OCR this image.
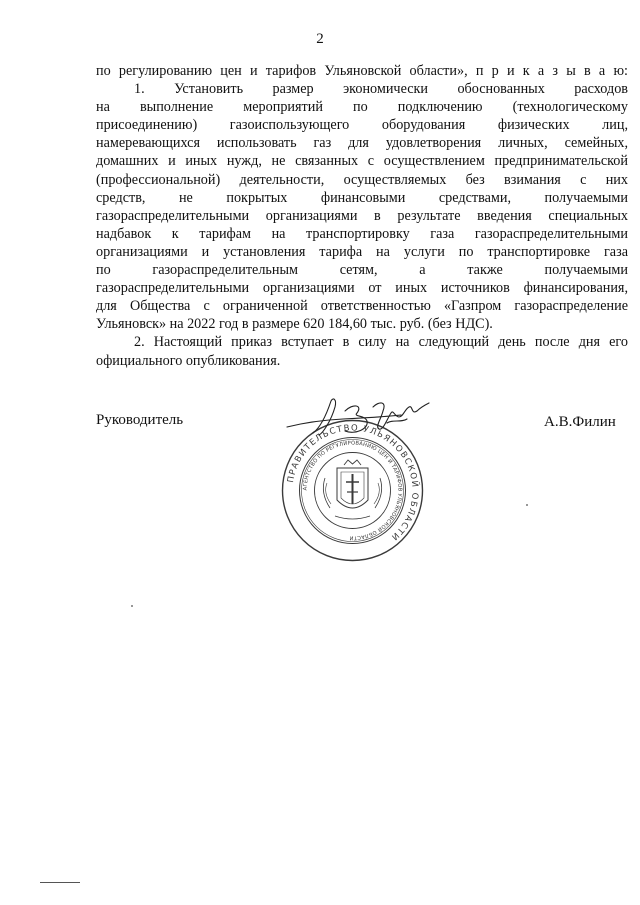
2
по регулированию цен и тарифов Ульяновской области», п р и к а з ы в а ю:
1. Установить размер экономически обоснованных расходов
на выполнение мероприятий по подключению (технологическому
присоединению) газоиспользующего оборудования физических лиц,
намеревающихся использовать газ для удовлетворения личных, семейных,
домашних и иных нужд, не связанных с осуществлением предпринимательской
(профессиональной) деятельности, осуществляемых без взимания с них
средств, не покрытых финансовыми средствами, получаемыми
газораспределительными организациями в результате введения специальных
надбавок к тарифам на транспортировку газа газораспределительными
организациями и установления тарифа на услуги по транспортировке газа
по газораспределительным сетям, а также получаемыми
газораспределительными организациями от иных источников финансирования,
для Общества с ограниченной ответственностью «Газпром газораспределение
Ульяновск» на 2022 год в размере 620 184,60 тыс. руб. (без НДС).
2. Настоящий приказ вступает в силу на следующий день после дня его
официального опубликования.
Руководитель	А.В.Филин
ПРАВИТЕЛЬСТВО УЛЬЯНОВСКОЙ ОБЛАСТИ
АГЕНТСТВО ПО РЕГУЛИРОВАНИЮ ЦЕН И ТАРИФОВ УЛЬЯНОВСКОЙ ОБЛАСТИ
